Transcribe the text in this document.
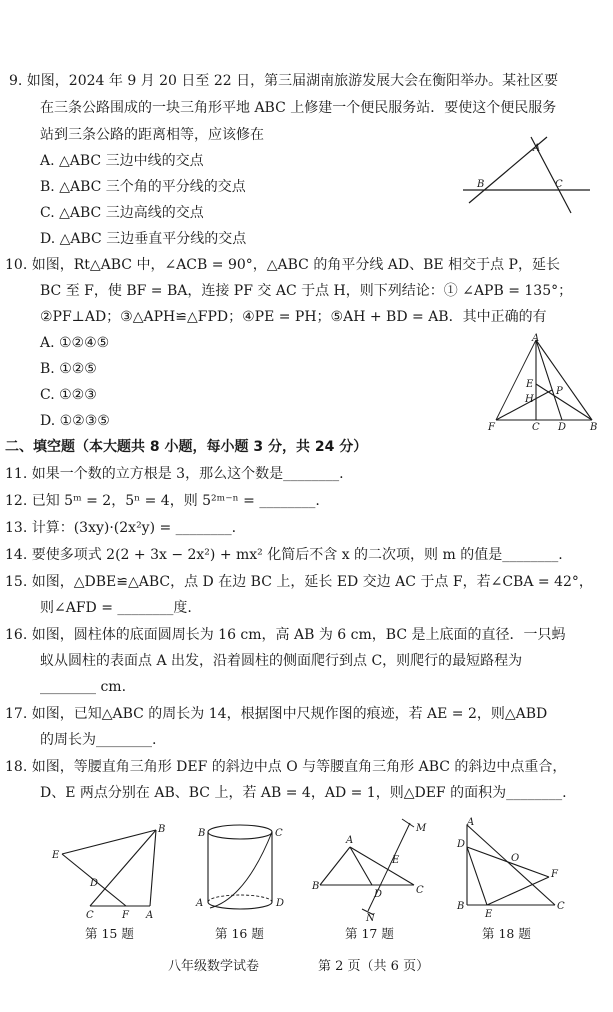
9. 如图，2024 年 9 月 20 日至 22 日，第三届湖南旅游发展大会在衡阳举办。某社区要
在三条公路围成的一块三角形平地 ABC 上修建一个便民服务站．要使这个便民服务
站到三条公路的距离相等，应该修在
A. △ABC 三边中线的交点
B. △ABC 三个角的平分线的交点
C. △ABC 三边高线的交点
D. △ABC 三边垂直平分线的交点
10. 如图，Rt△ABC 中，∠ACB = 90°，△ABC 的角平分线 AD、BE 相交于点 P，延长
BC 至 F，使 BF = BA，连接 PF 交 AC 于点 H，则下列结论：① ∠APB = 135°；
②PF⊥AD；③△APH≌△FPD；④PE = PH；⑤AH + BD = AB．其中正确的有
A. ①②④⑤
B. ①②⑤
C. ①②③
D. ①②③⑤
A
B	C
A
E
H
P
F	C D B
二、填空题（本大题共 8 小题，每小题 3 分，共 24 分）
11. 如果一个数的立方根是 3，那么这个数是________.
12. 已知 5ᵐ = 2，5ⁿ = 4，则 5²ᵐ⁻ⁿ = ________.
13. 计算：(3xy)·(2x²y) = ________.
14. 要使多项式 2(2 + 3x − 2x²) + mx² 化简后不含 x 的二次项，则 m 的值是________.
15. 如图，△DBE≌△ABC，点 D 在边 BC 上，延长 ED 交边 AC 于点 F，若∠CBA = 42°，
则∠AFD = ________度.
16. 如图，圆柱体的底面圆周长为 16 cm，高 AB 为 6 cm，BC 是上底面的直径．一只蚂
蚁从圆柱的表面点 A 出发，沿着圆柱的侧面爬行到点 C，则爬行的最短路程为
________ cm.
17. 如图，已知△ABC 的周长为 14，根据图中尺规作图的痕迹，若 AE = 2，则△ABD
的周长为________.
18. 如图，等腰直角三角形 DEF 的斜边中点 O 与等腰直角三角形 ABC 的斜边中点重合，
D、E 两点分别在 AB、BC 上，若 AB = 4，AD = 1，则△DEF 的面积为________.
B
E
D
C	F A
B	C
A	D
A
M
E
B
D	C
N
A
D
O
F
B
E
C
第 15 题	第 16 题	第 17 题	第 18 题
八年级数学试卷	第 2 页（共 6 页）
